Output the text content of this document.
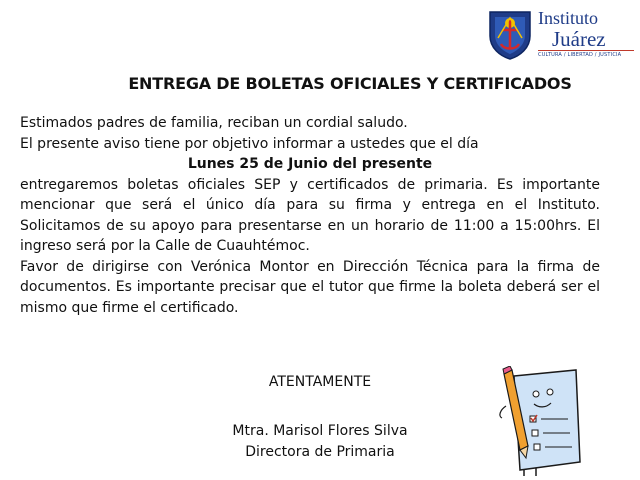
Instituto
Juárez
CULTURA / LIBERTAD / JUSTICIA
ENTREGA DE BOLETAS OFICIALES Y CERTIFICADOS

Estimados padres de familia, reciban un cordial saludo.

El presente aviso tiene por objetivo informar a ustedes que el día

Lunes 25 de Junio del presente

entregaremos boletas oficiales SEP y certificados de primaria. Es importante mencionar que será el único día para su firma y entrega en el Instituto. Solicitamos de su apoyo para presentarse en un horario de 11:00 a 15:00hrs. El ingreso será por la Calle de Cuauhtémoc.

Favor de dirigirse con Verónica Montor en Dirección Técnica para la firma de documentos. Es importante precisar que el tutor que firme la boleta deberá ser el mismo que firme el certificado.

ATENTAMENTE
Mtra. Marisol Flores Silva
Directora de Primaria
